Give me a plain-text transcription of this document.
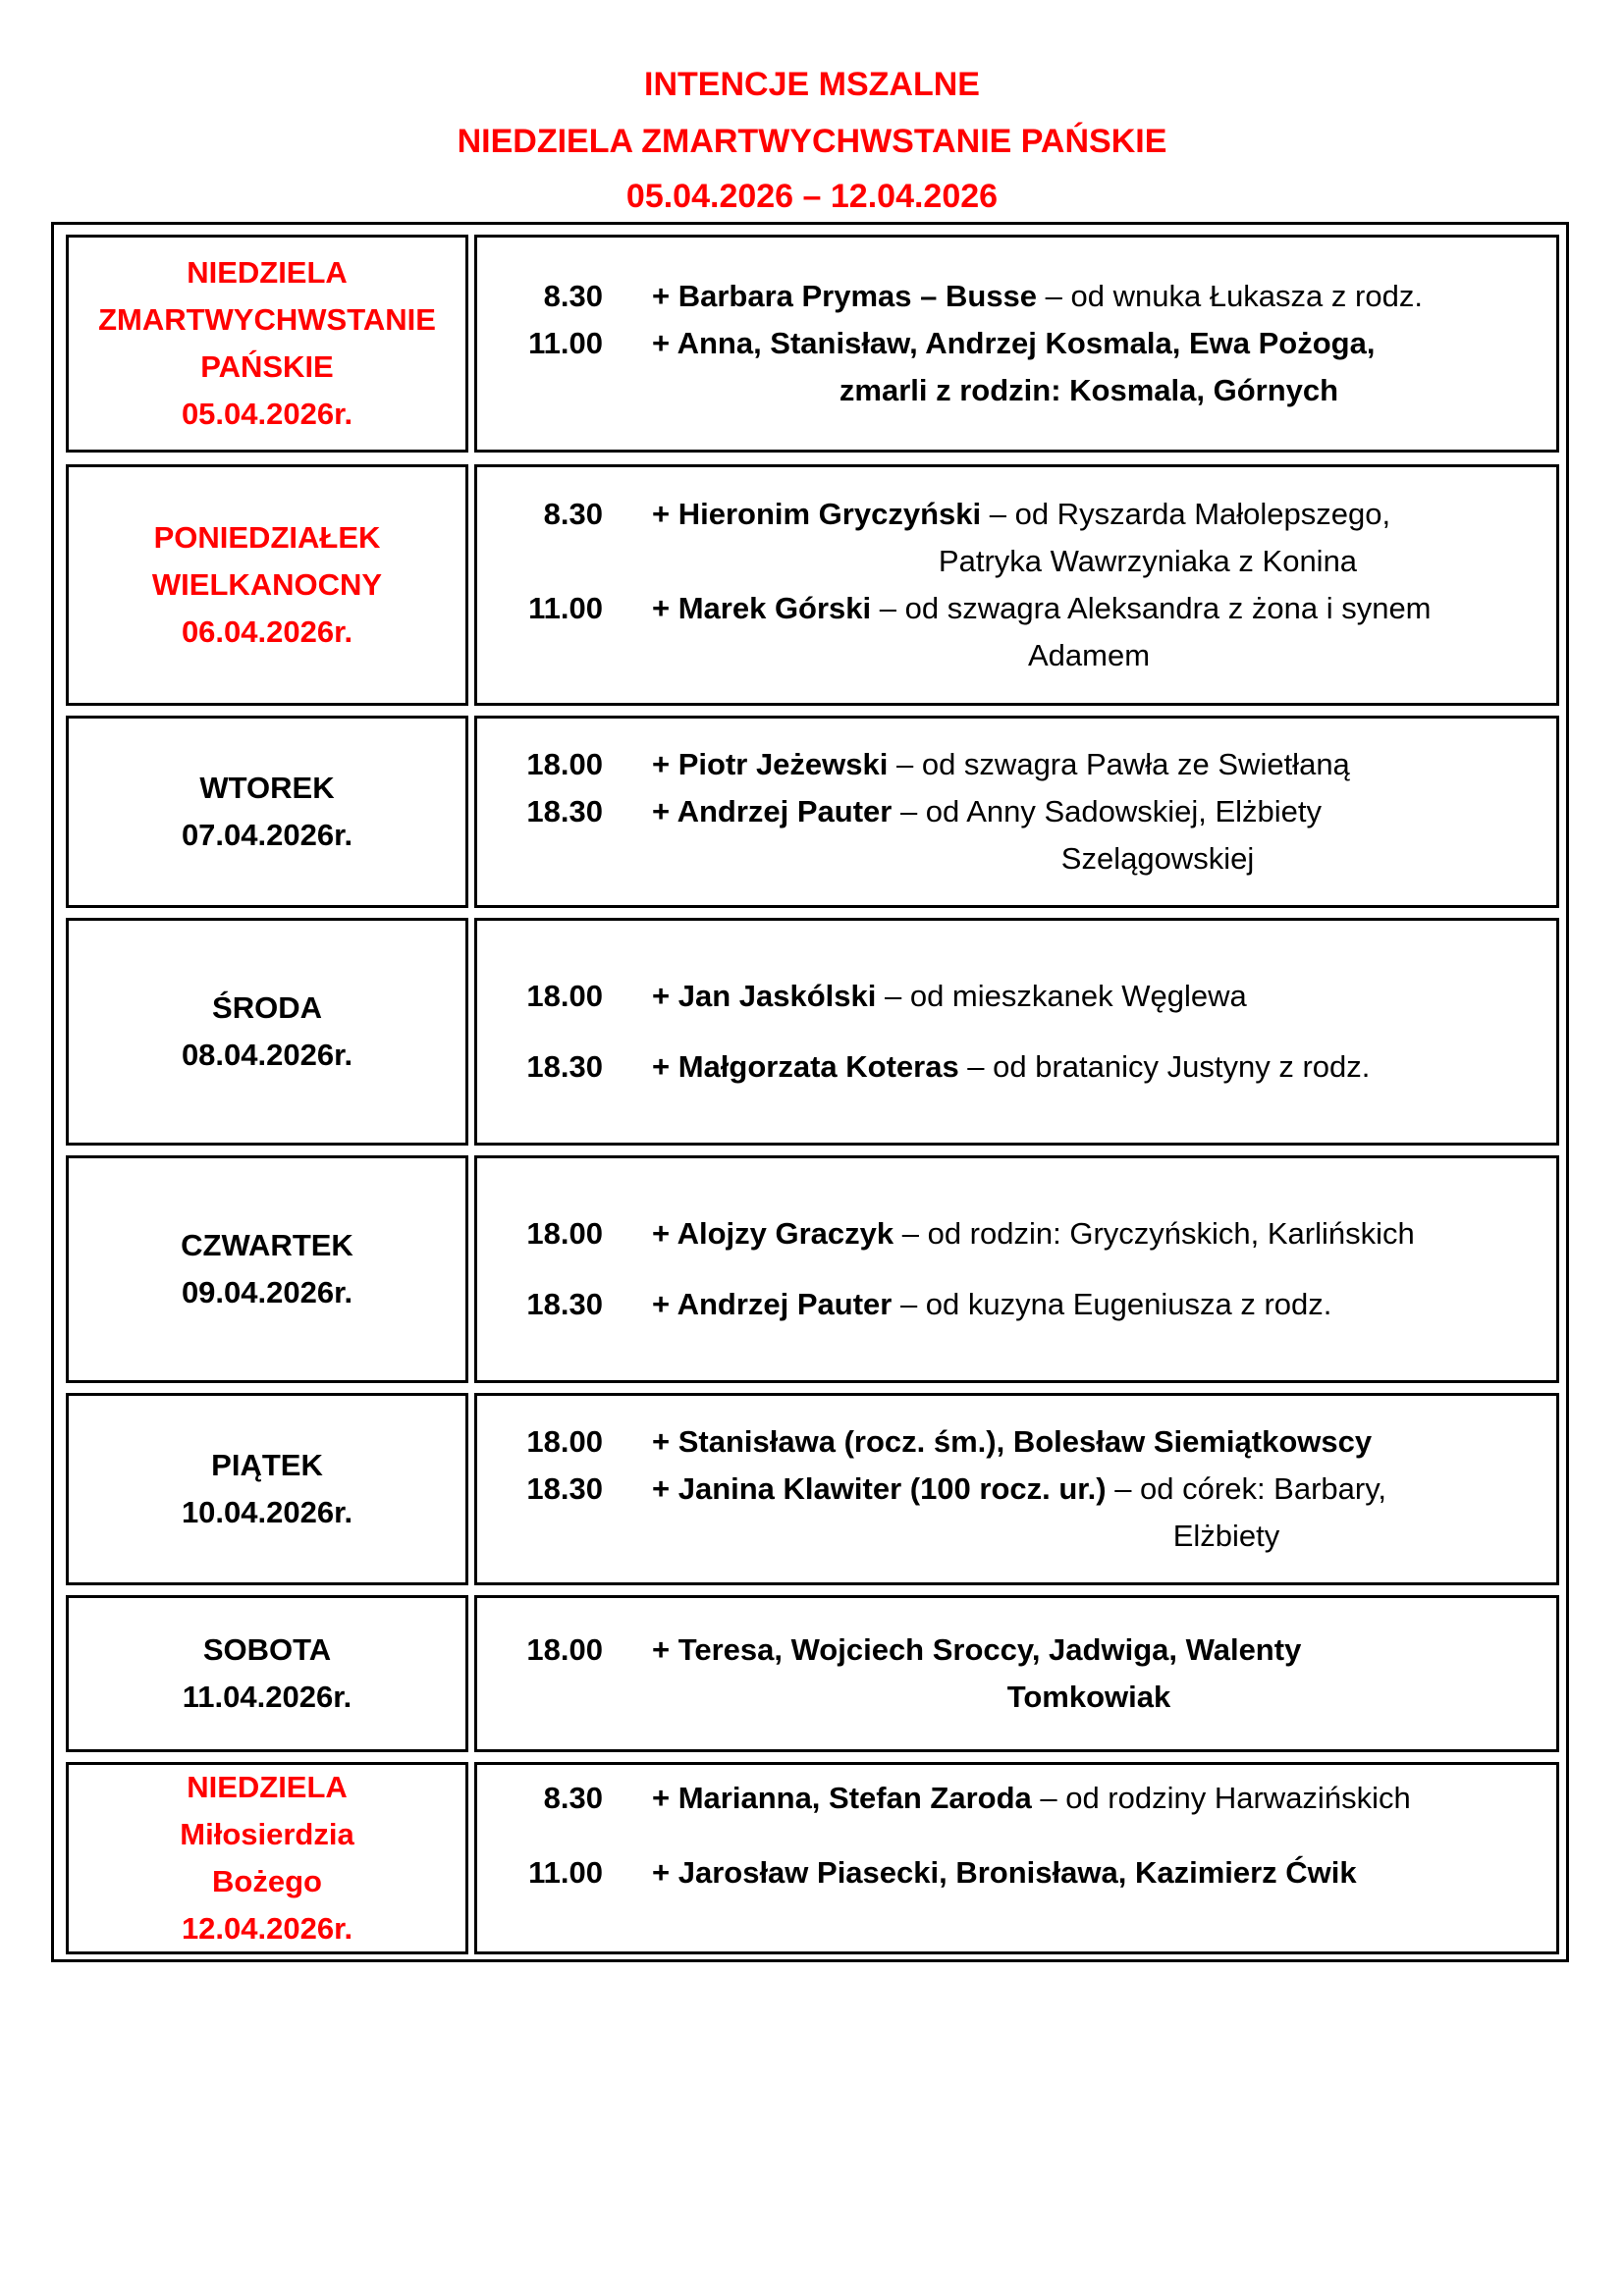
INTENCJE MSZALNE
NIEDZIELA ZMARTWYCHWSTANIE PAŃSKIE
05.04.2026 – 12.04.2026
NIEDZIELA
ZMARTWYCHWSTANIE
PAŃSKIE
05.04.2026r.
8.30 + Barbara Prymas – Busse – od wnuka Łukasza z rodz.
11.00 + Anna, Stanisław, Andrzej Kosmala, Ewa Pożoga,
zmarli z rodzin: Kosmala, Górnych
PONIEDZIAŁEK
WIELKANOCNY
06.04.2026r.
8.30 + Hieronim Gryczyński – od Ryszarda Małolepszego,
Patryka Wawrzyniaka z Konina
11.00 + Marek Górski – od szwagra Aleksandra z żona i synem
Adamem
WTOREK
07.04.2026r.
18.00 + Piotr Jeżewski – od szwagra Pawła ze Swietłaną
18.30 + Andrzej Pauter – od Anny Sadowskiej, Elżbiety
Szelągowskiej
ŚRODA
08.04.2026r.
18.00 + Jan Jaskólski – od mieszkanek Węglewa
18.30 + Małgorzata Koteras – od bratanicy Justyny z rodz.
CZWARTEK
09.04.2026r.
18.00 + Alojzy Graczyk – od rodzin: Gryczyńskich, Karlińskich
18.30 + Andrzej Pauter – od kuzyna Eugeniusza z rodz.
PIĄTEK
10.04.2026r.
18.00 + Stanisława (rocz. śm.), Bolesław Siemiątkowscy
18.30 + Janina Klawiter (100 rocz. ur.) – od córek: Barbary,
Elżbiety
SOBOTA
11.04.2026r.
18.00 + Teresa, Wojciech Sroccy, Jadwiga, Walenty
Tomkowiak
NIEDZIELA
Miłosierdzia
Bożego
12.04.2026r.
8.30 + Marianna, Stefan Zaroda – od rodziny Harwazińskich
11.00 + Jarosław Piasecki, Bronisława, Kazimierz Ćwik
